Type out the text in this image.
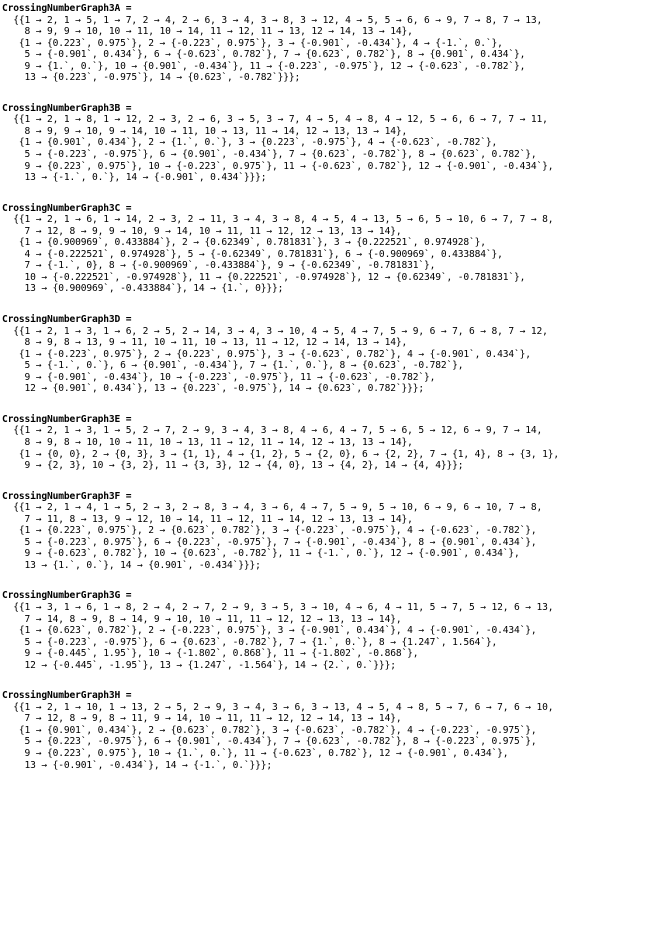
CrossingNumberGraph3A =
{{1 → 2, 1 → 5, 1 → 7, 2 → 4, 2 → 6, 3 → 4, 3 → 8, 3 → 12, 4 → 5, 5 → 6, 6 → 9, 7 → 8, 7 → 13,
8 → 9, 9 → 10, 10 → 11, 10 → 14, 11 → 12, 11 → 13, 12 → 14, 13 → 14},
{1 → {0.223`, 0.975`}, 2 → {-0.223`, 0.975`}, 3 → {-0.901`, -0.434`}, 4 → {-1.`, 0.`},
5 → {-0.901`, 0.434`}, 6 → {-0.623`, 0.782`}, 7 → {0.623`, 0.782`}, 8 → {0.901`, 0.434`},
9 → {1.`, 0.`}, 10 → {0.901`, -0.434`}, 11 → {-0.223`, -0.975`}, 12 → {-0.623`, -0.782`},
13 → {0.223`, -0.975`}, 14 → {0.623`, -0.782`}}};
CrossingNumberGraph3B =
{{1 → 2, 1 → 8, 1 → 12, 2 → 3, 2 → 6, 3 → 5, 3 → 7, 4 → 5, 4 → 8, 4 → 12, 5 → 6, 6 → 7, 7 → 11,
8 → 9, 9 → 10, 9 → 14, 10 → 11, 10 → 13, 11 → 14, 12 → 13, 13 → 14},
{1 → {0.901`, 0.434`}, 2 → {1.`, 0.`}, 3 → {0.223`, -0.975`}, 4 → {-0.623`, -0.782`},
5 → {-0.223`, -0.975`}, 6 → {0.901`, -0.434`}, 7 → {0.623`, -0.782`}, 8 → {0.623`, 0.782`},
9 → {0.223`, 0.975`}, 10 → {-0.223`, 0.975`}, 11 → {-0.623`, 0.782`}, 12 → {-0.901`, -0.434`},
13 → {-1.`, 0.`}, 14 → {-0.901`, 0.434`}}};
CrossingNumberGraph3C =
{{1 → 2, 1 → 6, 1 → 14, 2 → 3, 2 → 11, 3 → 4, 3 → 8, 4 → 5, 4 → 13, 5 → 6, 5 → 10, 6 → 7, 7 → 8,
7 → 12, 8 → 9, 9 → 10, 9 → 14, 10 → 11, 11 → 12, 12 → 13, 13 → 14},
{1 → {0.900969`, 0.433884`}, 2 → {0.62349`, 0.781831`}, 3 → {0.222521`, 0.974928`},
4 → {-0.222521`, 0.974928`}, 5 → {-0.62349`, 0.781831`}, 6 → {-0.900969`, 0.433884`},
7 → {-1.`, 0}, 8 → {-0.900969`, -0.433884`}, 9 → {-0.62349`, -0.781831`},
10 → {-0.222521`, -0.974928`}, 11 → {0.222521`, -0.974928`}, 12 → {0.62349`, -0.781831`},
13 → {0.900969`, -0.433884`}, 14 → {1.`, 0}}};
CrossingNumberGraph3D =
{{1 → 2, 1 → 3, 1 → 6, 2 → 5, 2 → 14, 3 → 4, 3 → 10, 4 → 5, 4 → 7, 5 → 9, 6 → 7, 6 → 8, 7 → 12,
8 → 9, 8 → 13, 9 → 11, 10 → 11, 10 → 13, 11 → 12, 12 → 14, 13 → 14},
{1 → {-0.223`, 0.975`}, 2 → {0.223`, 0.975`}, 3 → {-0.623`, 0.782`}, 4 → {-0.901`, 0.434`},
5 → {-1.`, 0.`}, 6 → {0.901`, -0.434`}, 7 → {1.`, 0.`}, 8 → {0.623`, -0.782`},
9 → {-0.901`, -0.434`}, 10 → {-0.223`, -0.975`}, 11 → {-0.623`, -0.782`},
12 → {0.901`, 0.434`}, 13 → {0.223`, -0.975`}, 14 → {0.623`, 0.782`}}};
CrossingNumberGraph3E =
{{1 → 2, 1 → 3, 1 → 5, 2 → 7, 2 → 9, 3 → 4, 3 → 8, 4 → 6, 4 → 7, 5 → 6, 5 → 12, 6 → 9, 7 → 14,
8 → 9, 8 → 10, 10 → 11, 10 → 13, 11 → 12, 11 → 14, 12 → 13, 13 → 14},
{1 → {0, 0}, 2 → {0, 3}, 3 → {1, 1}, 4 → {1, 2}, 5 → {2, 0}, 6 → {2, 2}, 7 → {1, 4}, 8 → {3, 1},
9 → {2, 3}, 10 → {3, 2}, 11 → {3, 3}, 12 → {4, 0}, 13 → {4, 2}, 14 → {4, 4}}};
CrossingNumberGraph3F =
{{1 → 2, 1 → 4, 1 → 5, 2 → 3, 2 → 8, 3 → 4, 3 → 6, 4 → 7, 5 → 9, 5 → 10, 6 → 9, 6 → 10, 7 → 8,
7 → 11, 8 → 13, 9 → 12, 10 → 14, 11 → 12, 11 → 14, 12 → 13, 13 → 14},
{1 → {0.223`, 0.975`}, 2 → {0.623`, 0.782`}, 3 → {-0.223`, -0.975`}, 4 → {-0.623`, -0.782`},
5 → {-0.223`, 0.975`}, 6 → {0.223`, -0.975`}, 7 → {-0.901`, -0.434`}, 8 → {0.901`, 0.434`},
9 → {-0.623`, 0.782`}, 10 → {0.623`, -0.782`}, 11 → {-1.`, 0.`}, 12 → {-0.901`, 0.434`},
13 → {1.`, 0.`}, 14 → {0.901`, -0.434`}}};
CrossingNumberGraph3G =
{{1 → 3, 1 → 6, 1 → 8, 2 → 4, 2 → 7, 2 → 9, 3 → 5, 3 → 10, 4 → 6, 4 → 11, 5 → 7, 5 → 12, 6 → 13,
7 → 14, 8 → 9, 8 → 14, 9 → 10, 10 → 11, 11 → 12, 12 → 13, 13 → 14},
{1 → {0.623`, 0.782`}, 2 → {-0.223`, 0.975`}, 3 → {-0.901`, 0.434`}, 4 → {-0.901`, -0.434`},
5 → {-0.223`, -0.975`}, 6 → {0.623`, -0.782`}, 7 → {1.`, 0.`}, 8 → {1.247`, 1.564`},
9 → {-0.445`, 1.95`}, 10 → {-1.802`, 0.868`}, 11 → {-1.802`, -0.868`},
12 → {-0.445`, -1.95`}, 13 → {1.247`, -1.564`}, 14 → {2.`, 0.`}}};
CrossingNumberGraph3H =
{{1 → 2, 1 → 10, 1 → 13, 2 → 5, 2 → 9, 3 → 4, 3 → 6, 3 → 13, 4 → 5, 4 → 8, 5 → 7, 6 → 7, 6 → 10,
7 → 12, 8 → 9, 8 → 11, 9 → 14, 10 → 11, 11 → 12, 12 → 14, 13 → 14},
{1 → {0.901`, 0.434`}, 2 → {0.623`, 0.782`}, 3 → {-0.623`, -0.782`}, 4 → {-0.223`, -0.975`},
5 → {0.223`, -0.975`}, 6 → {0.901`, -0.434`}, 7 → {0.623`, -0.782`}, 8 → {-0.223`, 0.975`},
9 → {0.223`, 0.975`}, 10 → {1.`, 0.`}, 11 → {-0.623`, 0.782`}, 12 → {-0.901`, 0.434`},
13 → {-0.901`, -0.434`}, 14 → {-1.`, 0.`}}};
